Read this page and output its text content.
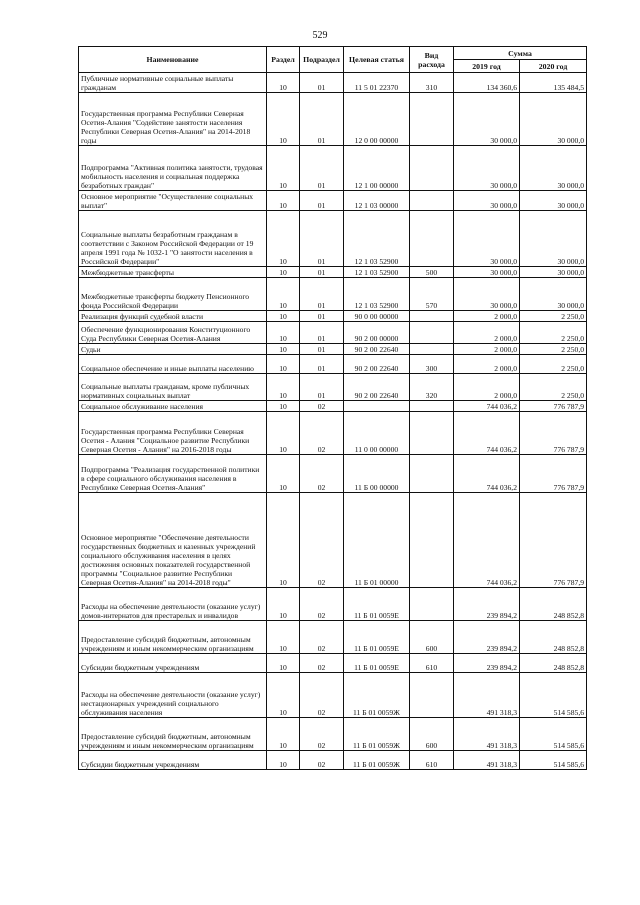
529
Наименование	Раздел	Подраздел	Целевая статья	Вид расхода	Сумма	
					2019 год	2020 год
Публичные нормативные социальные выплаты гражданам	10	01	11 5 01 22370	310	134 360,6	135 484,5
Государственная программа Республики Северная Осетия-Алания "Содействие занятости населения Республики Северная Осетия-Алания" на 2014-2018 годы	10	01	12 0 00 00000		30 000,0	30 000,0
Подпрограмма "Активная политика занятости, трудовая мобильность населения и социальная поддержка безработных граждан"	10	01	12 1 00 00000		30 000,0	30 000,0
Основное мероприятие "Осуществление социальных выплат"	10	01	12 1 03 00000		30 000,0	30 000,0
Социальные выплаты безработным гражданам в соответствии с Законом Российской Федерации от 19 апреля 1991 года № 1032-1 "О занятости населения в Российской Федерации"	10	01	12 1 03 52900		30 000,0	30 000,0
Межбюджетные трансферты	10	01	12 1 03 52900	500	30 000,0	30 000,0
Межбюджетные трансферты бюджету Пенсионного фонда Российской Федерации	10	01	12 1 03 52900	570	30 000,0	30 000,0
Реализация функций судебной власти	10	01	90 0 00 00000		2 000,0	2 250,0
Обеспечение функционирования Конституционного Суда Республики Северная Осетия-Алания	10	01	90 2 00 00000		2 000,0	2 250,0
Судьи	10	01	90 2 00 22640		2 000,0	2 250,0
Социальное обеспечение и иные выплаты населению	10	01	90 2 00 22640	300	2 000,0	2 250,0
Социальные выплаты гражданам, кроме публичных нормативных социальных выплат	10	01	90 2 00 22640	320	2 000,0	2 250,0
Социальное обслуживание населения	10	02			744 036,2	776 787,9
Государственная программа Республики Северная Осетия - Алания "Социальное развитие Республики Северная Осетия - Алания" на 2016-2018 годы	10	02	11 0 00 00000		744 036,2	776 787,9
Подпрограмма "Реализация государственной политики в сфере социального обслуживания населения в Республике Северная Осетия-Алания"	10	02	11 Б 00 00000		744 036,2	776 787,9
Основное мероприятие "Обеспечение деятельности государственных бюджетных и казенных учреждений социального обслуживания населения в целях достижения основных показателей государственной программы "Социальное развитие Республики Северная Осетия-Алания" на 2014-2018 годы"	10	02	11 Б 01 00000		744 036,2	776 787,9
Расходы на обеспечение деятельности (оказание услуг) домов-интернатов для престарелых и инвалидов	10	02	11 Б 01 0059Е		239 894,2	248 852,8
Предоставление субсидий бюджетным, автономным учреждениям и иным некоммерческим организациям	10	02	11 Б 01 0059Е	600	239 894,2	248 852,8
Субсидии бюджетным учреждениям	10	02	11 Б 01 0059Е	610	239 894,2	248 852,8
Расходы на обеспечение деятельности (оказание услуг) нестационарных учреждений социального обслуживания населения	10	02	11 Б 01 0059Ж		491 318,3	514 585,6
Предоставление субсидий бюджетным, автономным учреждениям и иным некоммерческим организациям	10	02	11 Б 01 0059Ж	600	491 318,3	514 585,6
Субсидии бюджетным учреждениям	10	02	11 Б 01 0059Ж	610	491 318,3	514 585,6
